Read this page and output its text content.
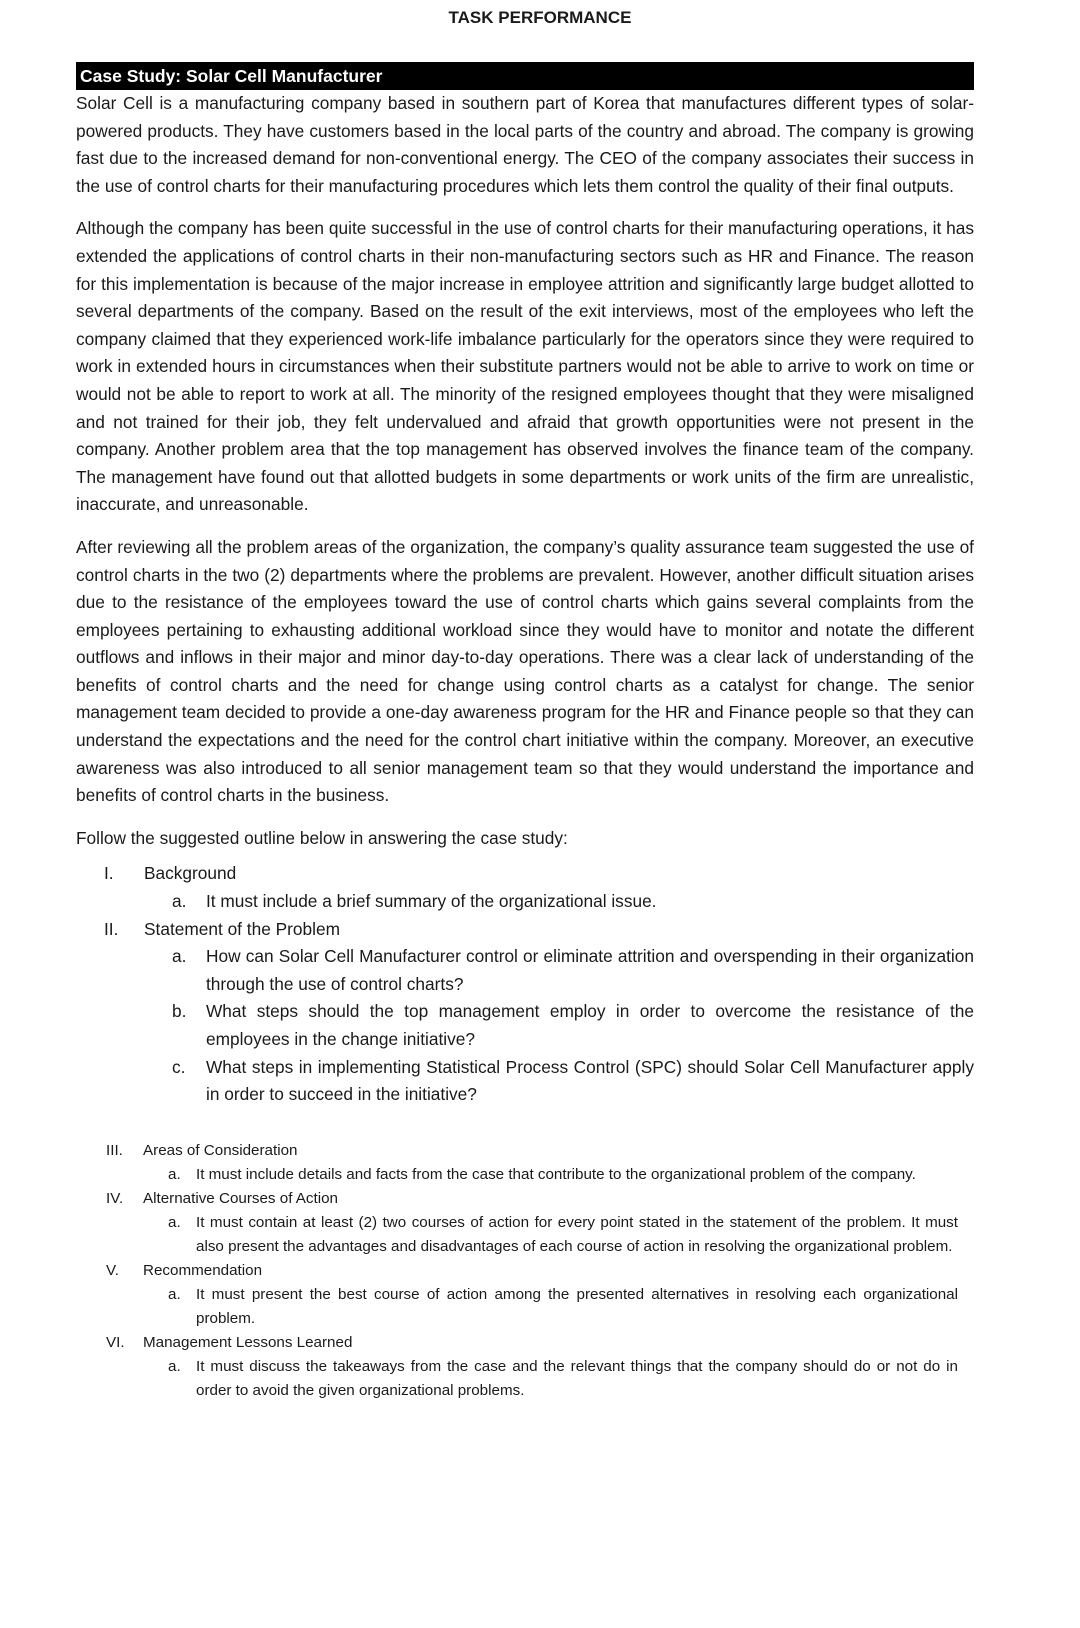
TASK PERFORMANCE
Case Study: Solar Cell Manufacturer

Solar Cell is a manufacturing company based in southern part of Korea that manufactures different types of solar-powered products. They have customers based in the local parts of the country and abroad. The company is growing fast due to the increased demand for non-conventional energy. The CEO of the company associates their success in the use of control charts for their manufacturing procedures which lets them control the quality of their final outputs.

Although the company has been quite successful in the use of control charts for their manufacturing operations, it has extended the applications of control charts in their non-manufacturing sectors such as HR and Finance. The reason for this implementation is because of the major increase in employee attrition and significantly large budget allotted to several departments of the company. Based on the result of the exit interviews, most of the employees who left the company claimed that they experienced work-life imbalance particularly for the operators since they were required to work in extended hours in circumstances when their substitute partners would not be able to arrive to work on time or would not be able to report to work at all. The minority of the resigned employees thought that they were misaligned and not trained for their job, they felt undervalued and afraid that growth opportunities were not present in the company. Another problem area that the top management has observed involves the finance team of the company. The management have found out that allotted budgets in some departments or work units of the firm are unrealistic, inaccurate, and unreasonable.

After reviewing all the problem areas of the organization, the company’s quality assurance team suggested the use of control charts in the two (2) departments where the problems are prevalent. However, another difficult situation arises due to the resistance of the employees toward the use of control charts which gains several complaints from the employees pertaining to exhausting additional workload since they would have to monitor and notate the different outflows and inflows in their major and minor day-to-day operations. There was a clear lack of understanding of the benefits of control charts and the need for change using control charts as a catalyst for change. The senior management team decided to provide a one-day awareness program for the HR and Finance people so that they can understand the expectations and the need for the control chart initiative within the company. Moreover, an executive awareness was also introduced to all senior management team so that they would understand the importance and benefits of control charts in the business.

Follow the suggested outline below in answering the case study:

I.	Background
a.	It must include a brief summary of the organizational issue.
II.	Statement of the Problem
a.	How can Solar Cell Manufacturer control or eliminate attrition and overspending in their organization through the use of control charts?
b.	What steps should the top management employ in order to overcome the resistance of the employees in the change initiative?
c.	What steps in implementing Statistical Process Control (SPC) should Solar Cell Manufacturer apply in order to succeed in the initiative?
III.	Areas of Consideration
a.	It must include details and facts from the case that contribute to the organizational problem of the company.
IV.	Alternative Courses of Action
a.	It must contain at least (2) two courses of action for every point stated in the statement of the problem. It must also present the advantages and disadvantages of each course of action in resolving the organizational problem.
V.	Recommendation
a.	It must present the best course of action among the presented alternatives in resolving each organizational problem.
VI.	Management Lessons Learned
a.	It must discuss the takeaways from the case and the relevant things that the company should do or not do in order to avoid the given organizational problems.
